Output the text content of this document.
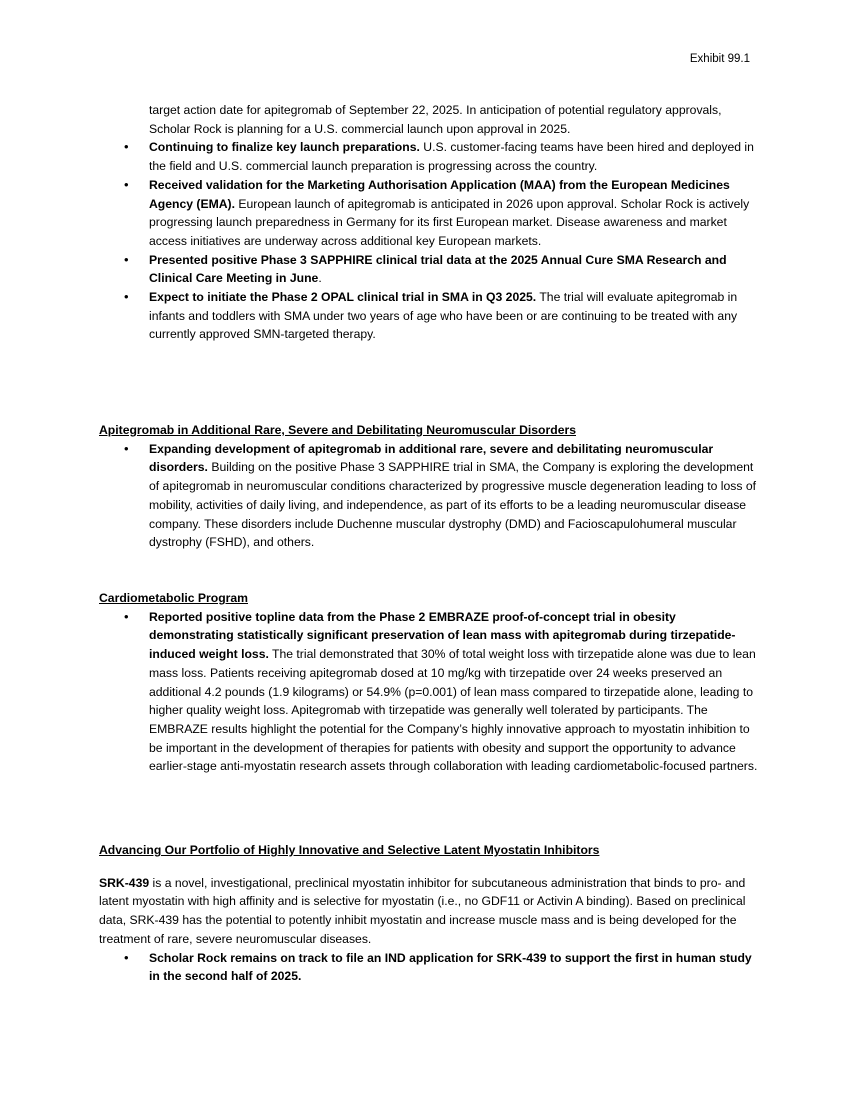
Exhibit 99.1

target action date for apitegromab of September 22, 2025. In anticipation of potential regulatory approvals, Scholar Rock is planning for a U.S. commercial launch upon approval in 2025.

• Continuing to finalize key launch preparations. U.S. customer-facing teams have been hired and deployed in the field and U.S. commercial launch preparation is progressing across the country.
• Received validation for the Marketing Authorisation Application (MAA) from the European Medicines Agency (EMA). European launch of apitegromab is anticipated in 2026 upon approval. Scholar Rock is actively progressing launch preparedness in Germany for its first European market. Disease awareness and market access initiatives are underway across additional key European markets.
• Presented positive Phase 3 SAPPHIRE clinical trial data at the 2025 Annual Cure SMA Research and Clinical Care Meeting in June.
• Expect to initiate the Phase 2 OPAL clinical trial in SMA in Q3 2025. The trial will evaluate apitegromab in infants and toddlers with SMA under two years of age who have been or are continuing to be treated with any currently approved SMN-targeted therapy.

Apitegromab in Additional Rare, Severe and Debilitating Neuromuscular Disorders

• Expanding development of apitegromab in additional rare, severe and debilitating neuromuscular disorders. Building on the positive Phase 3 SAPPHIRE trial in SMA, the Company is exploring the development of apitegromab in neuromuscular conditions characterized by progressive muscle degeneration leading to loss of mobility, activities of daily living, and independence, as part of its efforts to be a leading neuromuscular disease company. These disorders include Duchenne muscular dystrophy (DMD) and Facioscapulohumeral muscular dystrophy (FSHD), and others.

Cardiometabolic Program

• Reported positive topline data from the Phase 2 EMBRAZE proof-of-concept trial in obesity demonstrating statistically significant preservation of lean mass with apitegromab during tirzepatide-induced weight loss. The trial demonstrated that 30% of total weight loss with tirzepatide alone was due to lean mass loss. Patients receiving apitegromab dosed at 10 mg/kg with tirzepatide over 24 weeks preserved an additional 4.2 pounds (1.9 kilograms) or 54.9% (p=0.001) of lean mass compared to tirzepatide alone, leading to higher quality weight loss. Apitegromab with tirzepatide was generally well tolerated by participants. The EMBRAZE results highlight the potential for the Company’s highly innovative approach to myostatin inhibition to be important in the development of therapies for patients with obesity and support the opportunity to advance earlier-stage anti-myostatin research assets through collaboration with leading cardiometabolic-focused partners.

Advancing Our Portfolio of Highly Innovative and Selective Latent Myostatin Inhibitors

SRK-439 is a novel, investigational, preclinical myostatin inhibitor for subcutaneous administration that binds to pro- and latent myostatin with high affinity and is selective for myostatin (i.e., no GDF11 or Activin A binding). Based on preclinical data, SRK-439 has the potential to potently inhibit myostatin and increase muscle mass and is being developed for the treatment of rare, severe neuromuscular diseases.

• Scholar Rock remains on track to file an IND application for SRK-439 to support the first in human study in the second half of 2025.
